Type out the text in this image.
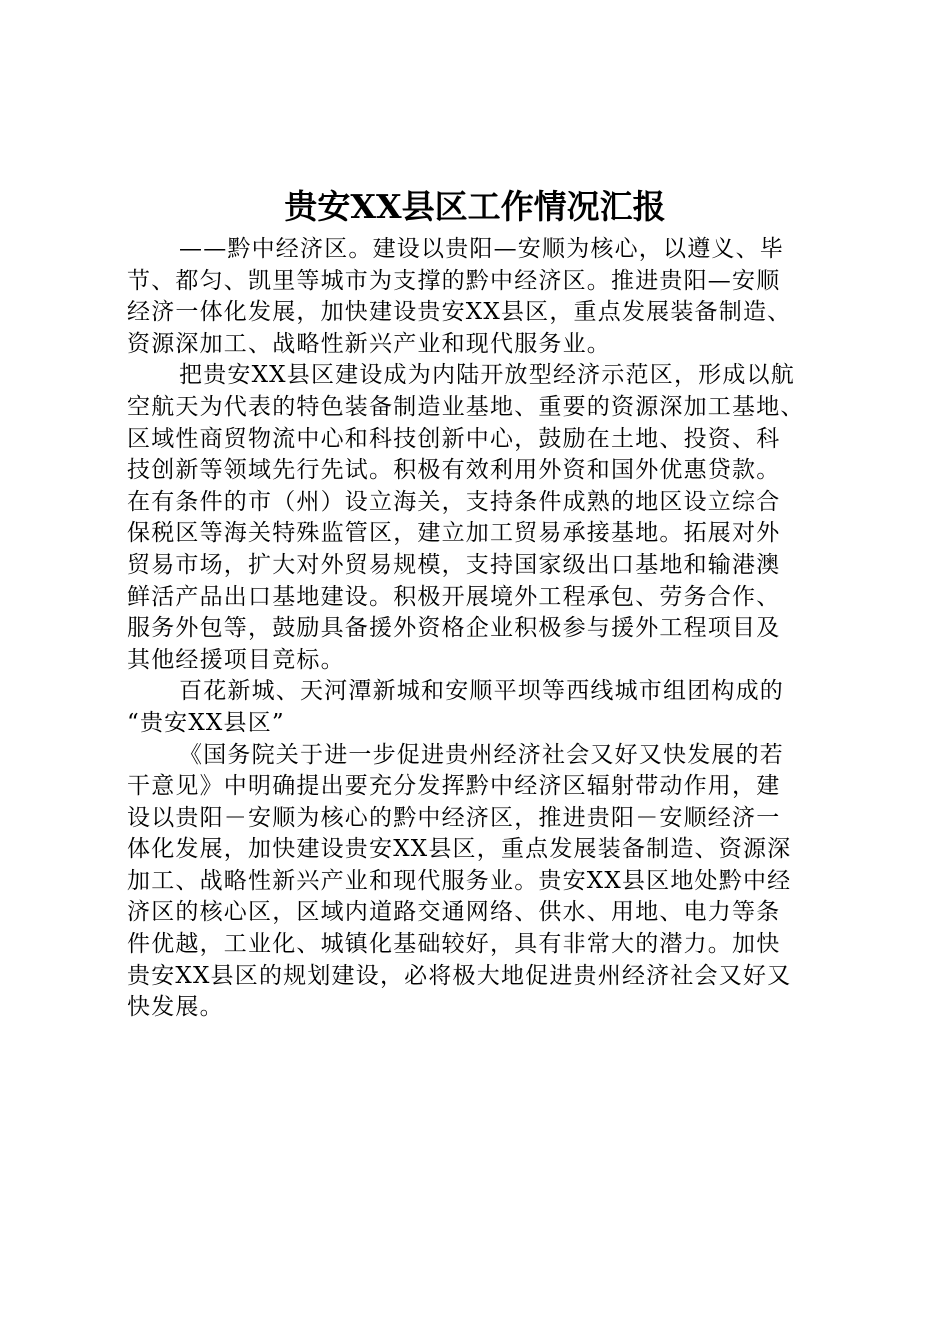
贵安XX县区工作情况汇报
——黔中经济区。建设以贵阳—安顺为核心，以遵义、毕
节、都匀、凯里等城市为支撑的黔中经济区。推进贵阳—安顺
经济一体化发展，加快建设贵安XX县区，重点发展装备制造、
资源深加工、战略性新兴产业和现代服务业。
把贵安XX县区建设成为内陆开放型经济示范区，形成以航
空航天为代表的特色装备制造业基地、重要的资源深加工基地、
区域性商贸物流中心和科技创新中心，鼓励在土地、投资、科
技创新等领域先行先试。积极有效利用外资和国外优惠贷款。
在有条件的市（州）设立海关，支持条件成熟的地区设立综合
保税区等海关特殊监管区，建立加工贸易承接基地。拓展对外
贸易市场，扩大对外贸易规模，支持国家级出口基地和输港澳
鲜活产品出口基地建设。积极开展境外工程承包、劳务合作、
服务外包等，鼓励具备援外资格企业积极参与援外工程项目及
其他经援项目竞标。
百花新城、天河潭新城和安顺平坝等西线城市组团构成的
“贵安XX县区”
《国务院关于进一步促进贵州经济社会又好又快发展的若
干意见》中明确提出要充分发挥黔中经济区辐射带动作用，建
设以贵阳－安顺为核心的黔中经济区，推进贵阳－安顺经济一
体化发展，加快建设贵安XX县区，重点发展装备制造、资源深
加工、战略性新兴产业和现代服务业。贵安XX县区地处黔中经
济区的核心区，区域内道路交通网络、供水、用地、电力等条
件优越，工业化、城镇化基础较好，具有非常大的潜力。加快
贵安XX县区的规划建设，必将极大地促进贵州经济社会又好又
快发展。
